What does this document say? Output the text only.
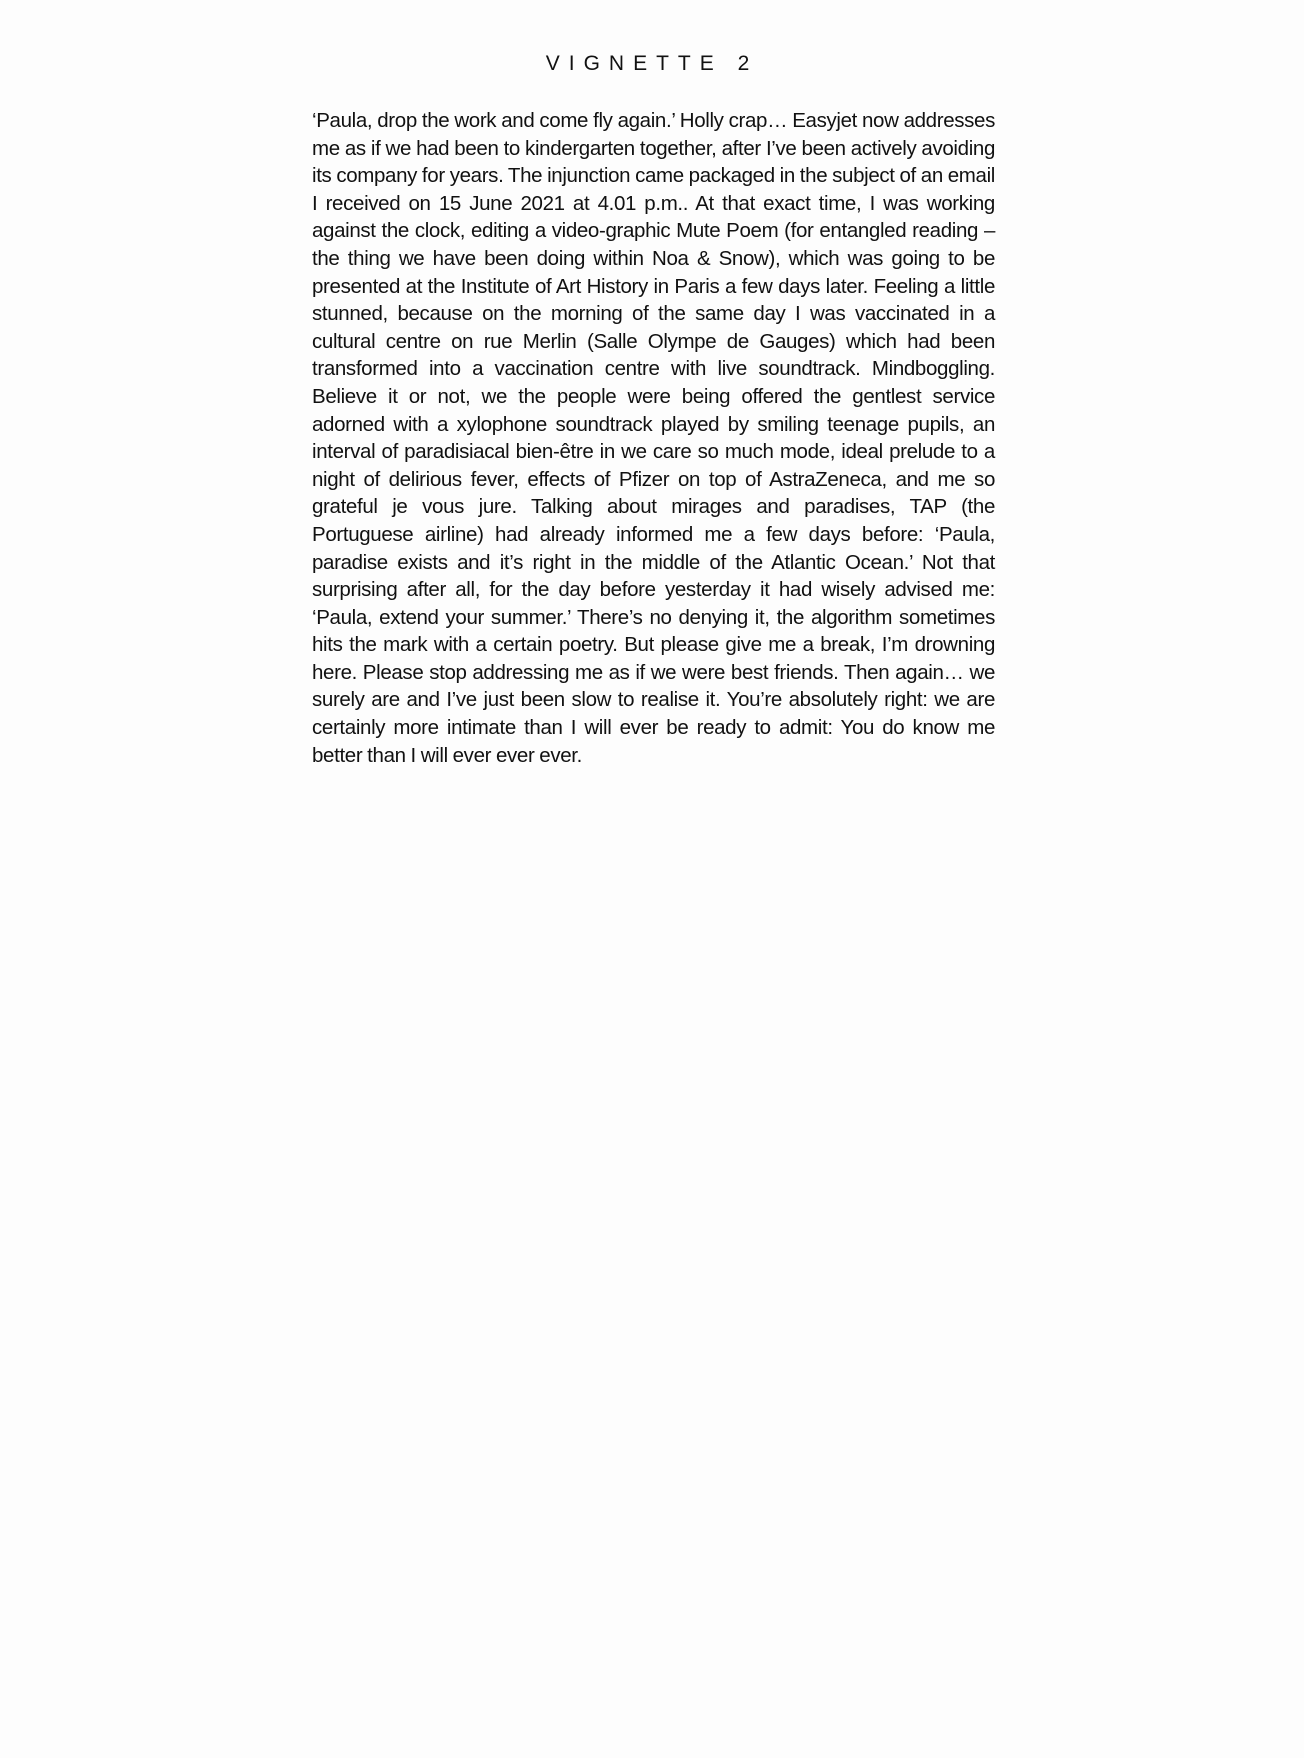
VIGNETTE 2

‘Paula, drop the work and come fly again.’ Holly crap… Easyjet now addresses me as if we had been to kindergarten together, after I’ve been actively avoiding its company for years. The injunction came packaged in the subject of an email I received on 15 June 2021 at 4.01 p.m.. At that exact time, I was working against the clock, editing a video-graphic Mute Poem (for entangled reading – the thing we have been doing within Noa & Snow), which was going to be presented at the Institute of Art History in Paris a few days later. Feeling a little stunned, because on the morning of the same day I was vaccinated in a cultural centre on rue Merlin (Salle Olympe de Gauges) which had been transformed into a vaccination centre with live soundtrack. Mindboggling. Believe it or not, we the people were being offered the gentlest service adorned with a xylophone soundtrack played by smiling teenage pupils, an interval of paradisiacal bien-être in we care so much mode, ideal prelude to a night of delirious fever, effects of Pfizer on top of AstraZeneca, and me so grateful je vous jure. Talking about mirages and paradises, TAP (the Portuguese airline) had already informed me a few days before: ‘Paula, paradise exists and it’s right in the middle of the Atlantic Ocean.’ Not that surprising after all, for the day before yesterday it had wisely advised me: ‘Paula, extend your summer.’ There’s no denying it, the algorithm sometimes hits the mark with a certain poetry. But please give me a break, I’m drowning here. Please stop addressing me as if we were best friends. Then again… we surely are and I’ve just been slow to realise it. You’re absolutely right: we are certainly more intimate than I will ever be ready to admit: You do know me better than I will ever ever ever.
